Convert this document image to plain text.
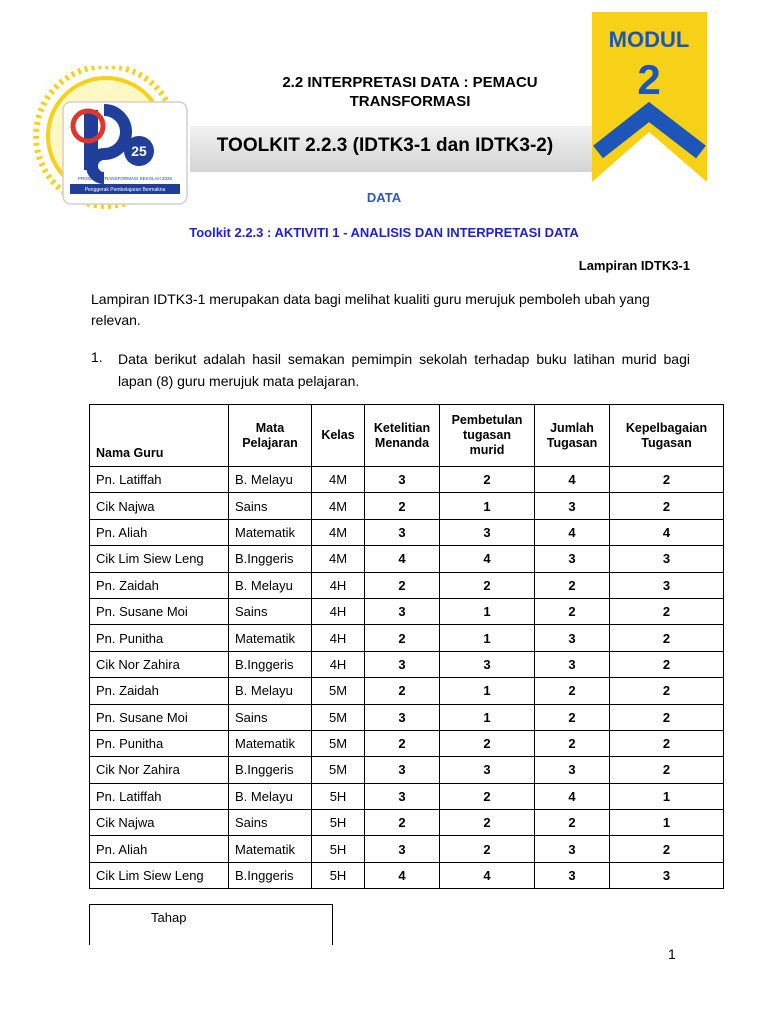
25
PROGRAM TRANSFORMASI SEKOLAH 2025
Penggerak Pembelajaran Bermakna
2.2 INTERPRETASI DATA : PEMACU
TRANSFORMASI
TOOLKIT 2.2.3 (IDTK3-1 dan IDTK3-2)
MODUL
2
DATA
Toolkit 2.2.3 : AKTIVITI 1 - ANALISIS DAN INTERPRETASI DATA
Lampiran IDTK3-1
Lampiran IDTK3-1 merupakan data bagi melihat kualiti guru merujuk pemboleh ubah yang relevan.
1. Data berikut adalah hasil semakan pemimpin sekolah terhadap buku latihan murid bagi lapan (8) guru merujuk mata pelajaran.
Nama Guru	Mata Pelajaran	Kelas	Ketelitian Menanda	Pembetulan tugasan murid	Jumlah Tugasan	Kepelbagaian Tugasan
Pn. Latiffah	B. Melayu	4M	3	2	4	2
Cik Najwa	Sains	4M	2	1	3	2
Pn. Aliah	Matematik	4M	3	3	4	4
Cik Lim Siew Leng	B.Inggeris	4M	4	4	3	3
Pn. Zaidah	B. Melayu	4H	2	2	2	3
Pn. Susane Moi	Sains	4H	3	1	2	2
Pn. Punitha	Matematik	4H	2	1	3	2
Cik Nor Zahira	B.Inggeris	4H	3	3	3	2
Pn. Zaidah	B. Melayu	5M	2	1	2	2
Pn. Susane Moi	Sains	5M	3	1	2	2
Pn. Punitha	Matematik	5M	2	2	2	2
Cik Nor Zahira	B.Inggeris	5M	3	3	3	2
Pn. Latiffah	B. Melayu	5H	3	2	4	1
Cik Najwa	Sains	5H	2	2	2	1
Pn. Aliah	Matematik	5H	3	2	3	2
Cik Lim Siew Leng	B.Inggeris	5H	4	4	3	3
Tahap
1
